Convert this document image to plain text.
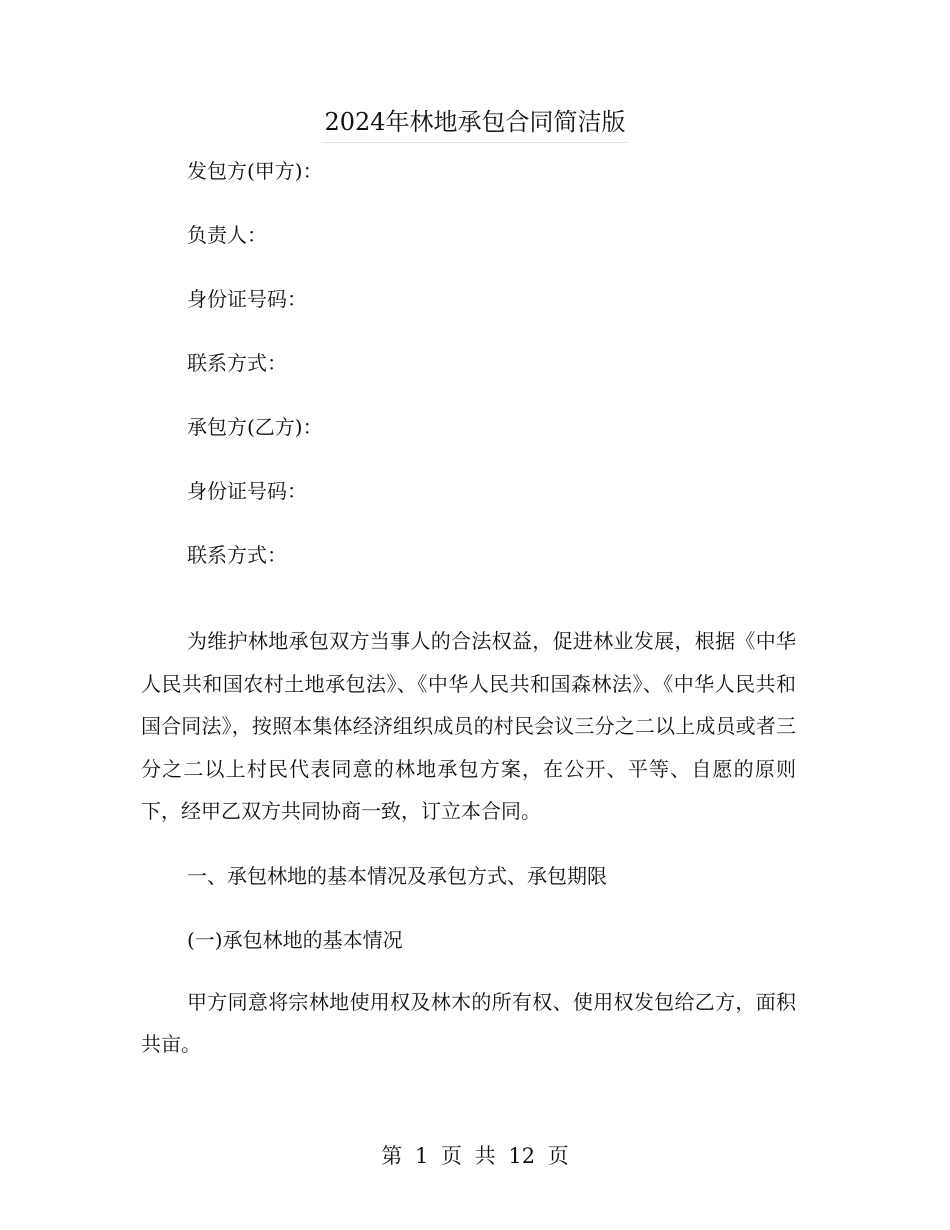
2024年林地承包合同简洁版
发包方(甲方)：
负责人：
身份证号码：
联系方式：
承包方(乙方)：
身份证号码：
联系方式：

为维护林地承包双方当事人的合法权益，促进林业发展，根据《中华人民共和国农村土地承包法》、《中华人民共和国森林法》、《中华人民共和国合同法》，按照本集体经济组织成员的村民会议三分之二以上成员或者三分之二以上村民代表同意的林地承包方案，在公开、平等、自愿的原则下，经甲乙双方共同协商一致，订立本合同。

一、承包林地的基本情况及承包方式、承包期限
(一)承包林地的基本情况

甲方同意将宗林地使用权及林木的所有权、使用权发包给乙方，面积共亩。

第 1 页 共 12 页
